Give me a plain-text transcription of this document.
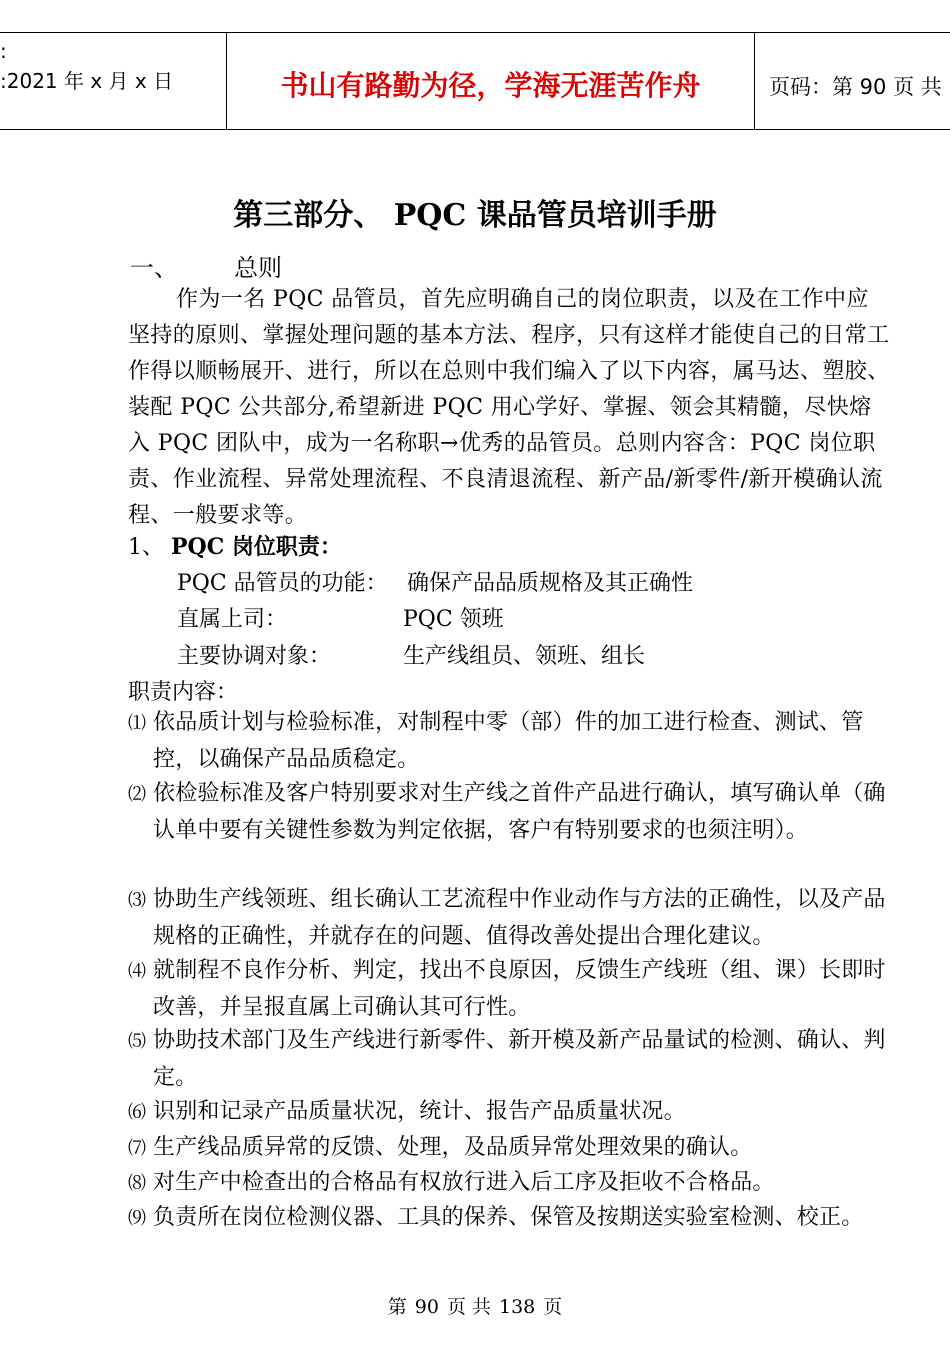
:
:2021 年 x 月 x 日	书山有路勤为径，学海无涯苦作舟	页码：第 90 页 共
第三部分、 PQC 课品管员培训手册
一、 总则

作为一名 PQC 品管员，首先应明确自己的岗位职责，以及在工作中应坚持的原则、掌握处理问题的基本方法、程序，只有这样才能使自己的日常工作得以顺畅展开、进行，所以在总则中我们编入了以下内容，属马达、塑胶、装配 PQC 公共部分,希望新进 PQC 用心学好、掌握、领会其精髓，尽快熔入 PQC 团队中，成为一名称职→优秀的品管员。总则内容含：PQC 岗位职责、作业流程、异常处理流程、不良清退流程、新产品/新零件/新开模确认流程、一般要求等。

1、 PQC 岗位职责：
PQC 品管员的功能： 确保产品品质规格及其正确性
直属上司：	PQC 领班
主要协调对象：	生产线组员、领班、组长
职责内容：
⑴ 依品质计划与检验标准，对制程中零（部）件的加工进行检查、测试、管控，以确保产品品质稳定。
⑵ 依检验标准及客户特别要求对生产线之首件产品进行确认，填写确认单（确认单中要有关键性参数为判定依据，客户有特别要求的也须注明）。
⑶ 协助生产线领班、组长确认工艺流程中作业动作与方法的正确性，以及产品规格的正确性，并就存在的问题、值得改善处提出合理化建议。
⑷ 就制程不良作分析、判定，找出不良原因，反馈生产线班（组、课）长即时改善，并呈报直属上司确认其可行性。
⑸ 协助技术部门及生产线进行新零件、新开模及新产品量试的检测、确认、判定。
⑹ 识别和记录产品质量状况，统计、报告产品质量状况。
⑺ 生产线品质异常的反馈、处理，及品质异常处理效果的确认。
⑻ 对生产中检查出的合格品有权放行进入后工序及拒收不合格品。
⑼ 负责所在岗位检测仪器、工具的保养、保管及按期送实验室检测、校正。
第 90 页 共 138 页
